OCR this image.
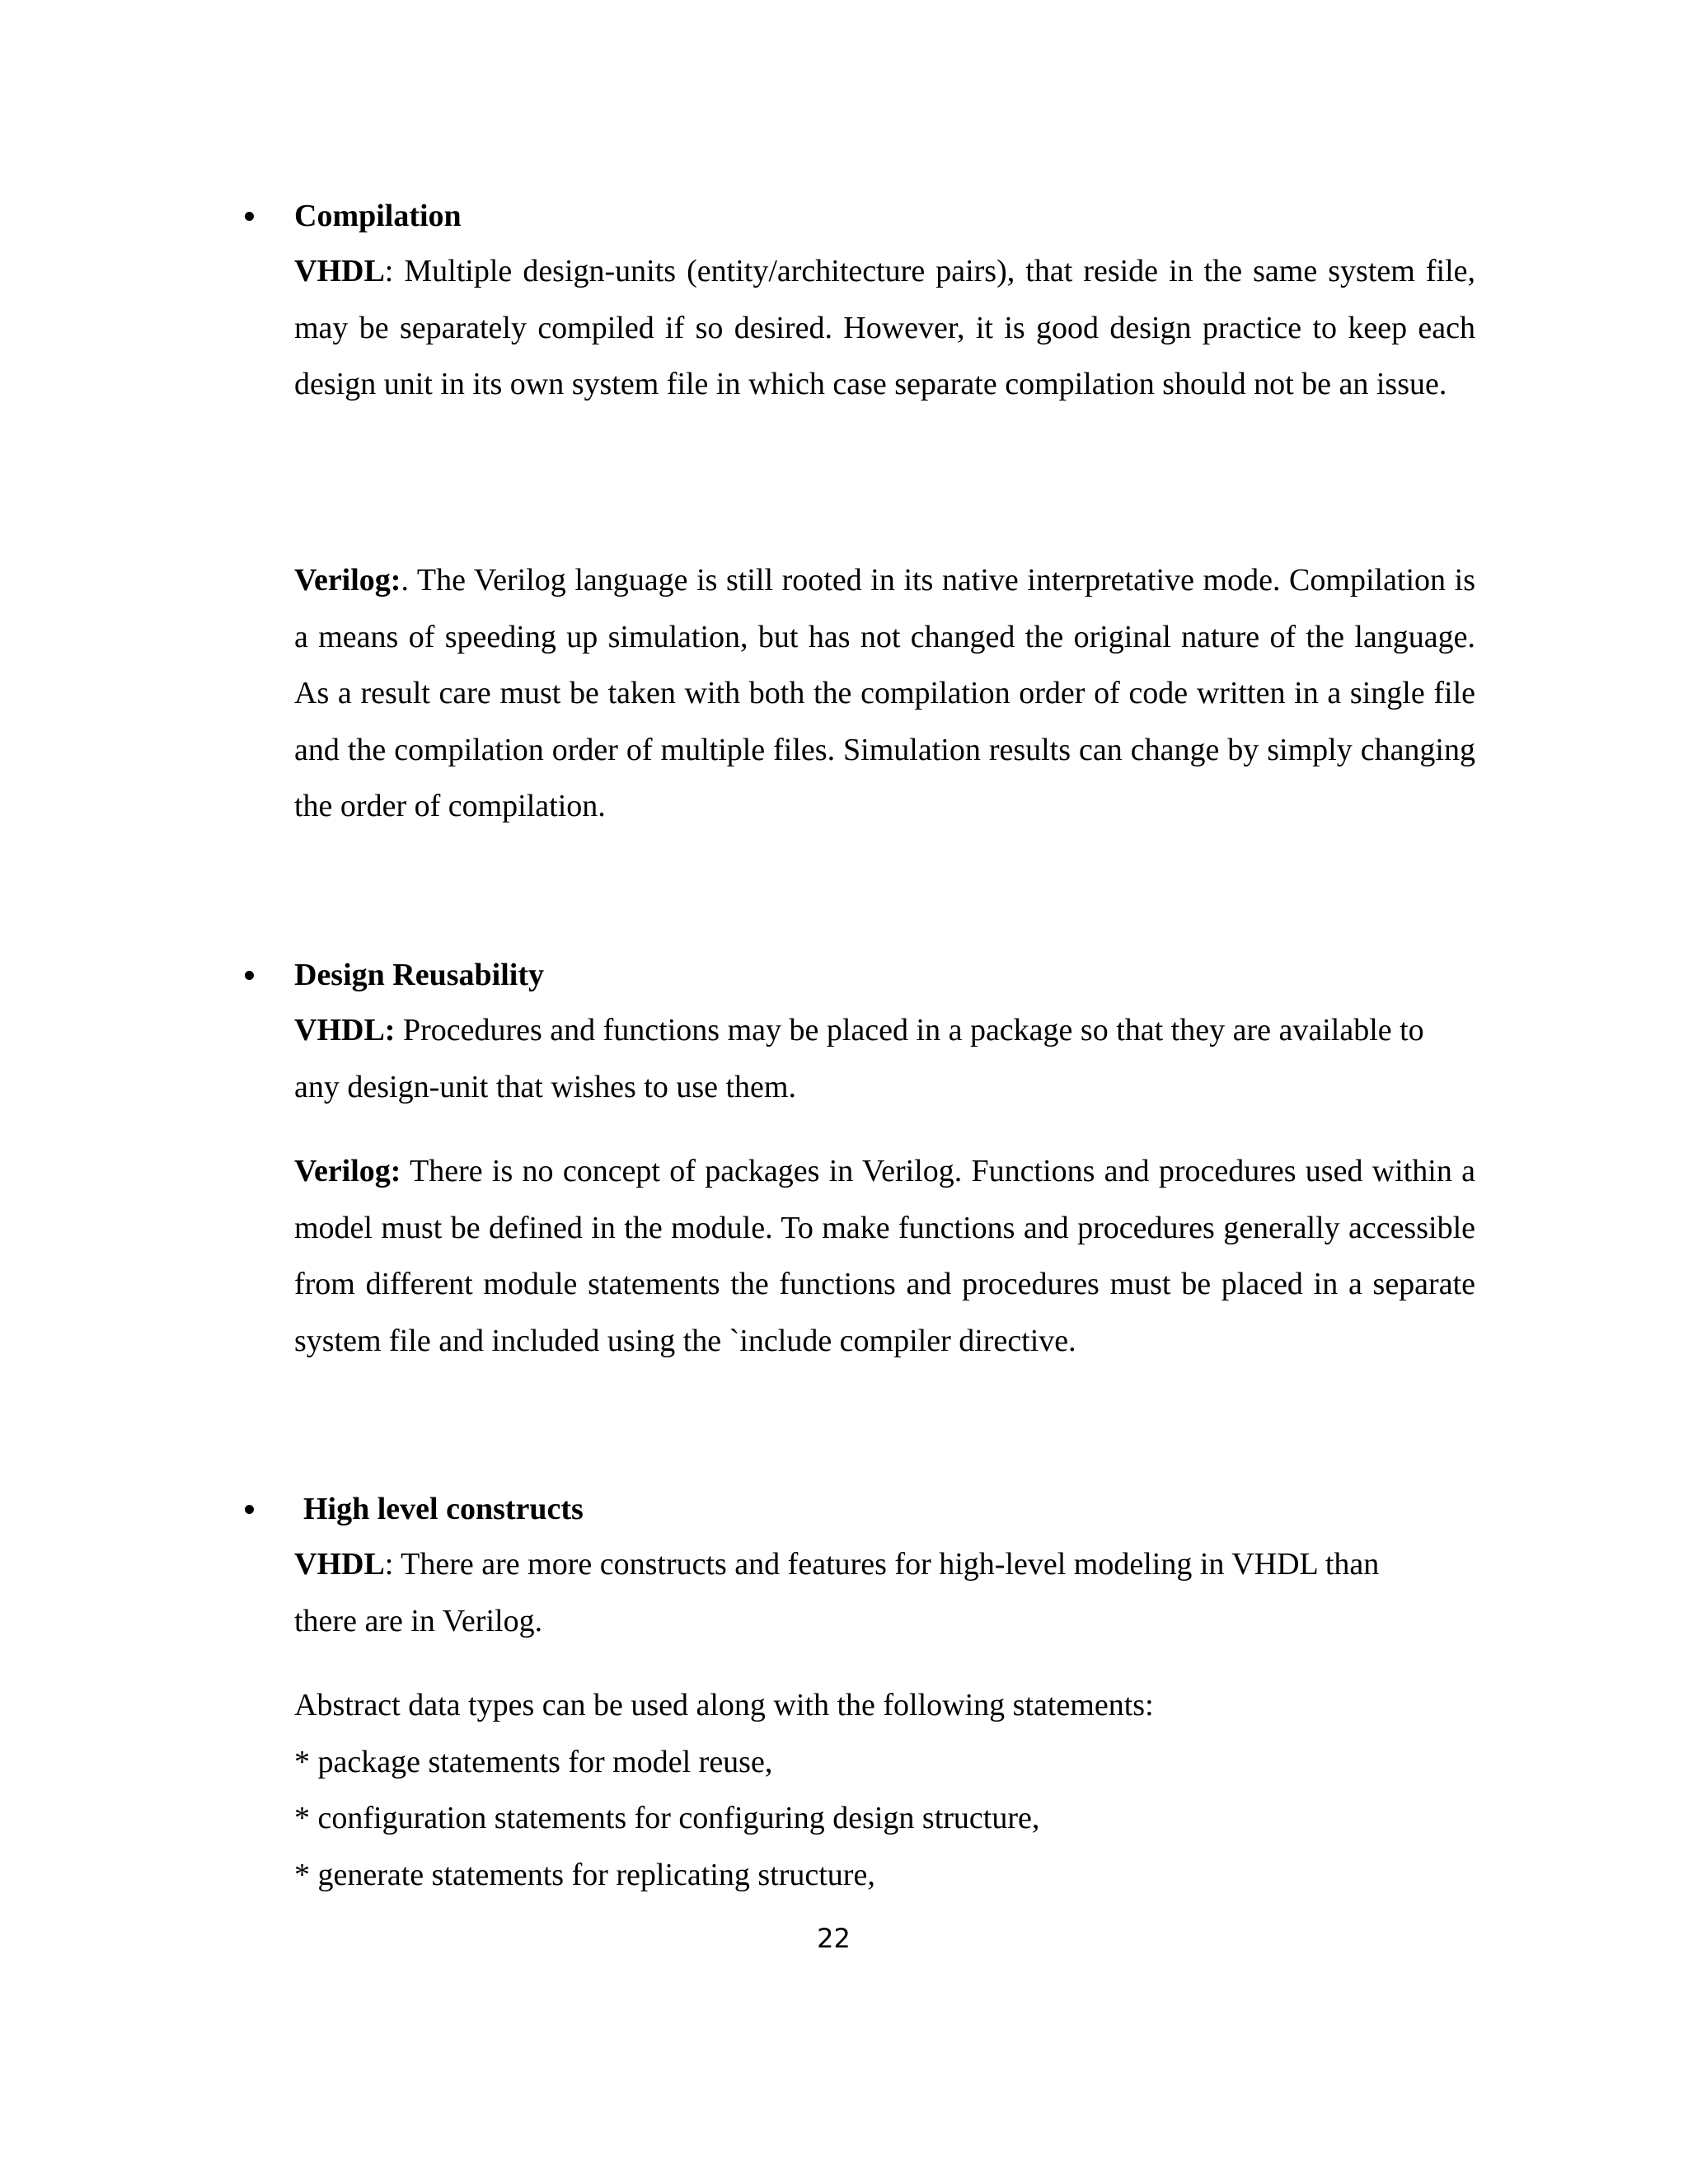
Compilation
VHDL: Multiple design-units (entity/architecture pairs), that reside in the same system file, may be separately compiled if so desired. However, it is good design practice to keep each design unit in its own system file in which case separate compilation should not be an issue.
Verilog:. The Verilog language is still rooted in its native interpretative mode. Compilation is a means of speeding up simulation, but has not changed the original nature of the language. As a result care must be taken with both the compilation order of code written in a single file and the compilation order of multiple files. Simulation results can change by simply changing the order of compilation.
Design Reusability
VHDL: Procedures and functions may be placed in a package so that they are available to any design-unit that wishes to use them.
Verilog: There is no concept of packages in Verilog. Functions and procedures used within a model must be defined in the module. To make functions and procedures generally accessible from different module statements the functions and procedures must be placed in a separate system file and included using the `include compiler directive.
High level constructs
VHDL: There are more constructs and features for high-level modeling in VHDL than there are in Verilog.
Abstract data types can be used along with the following statements:
* package statements for model reuse,
* configuration statements for configuring design structure,
* generate statements for replicating structure,
22
